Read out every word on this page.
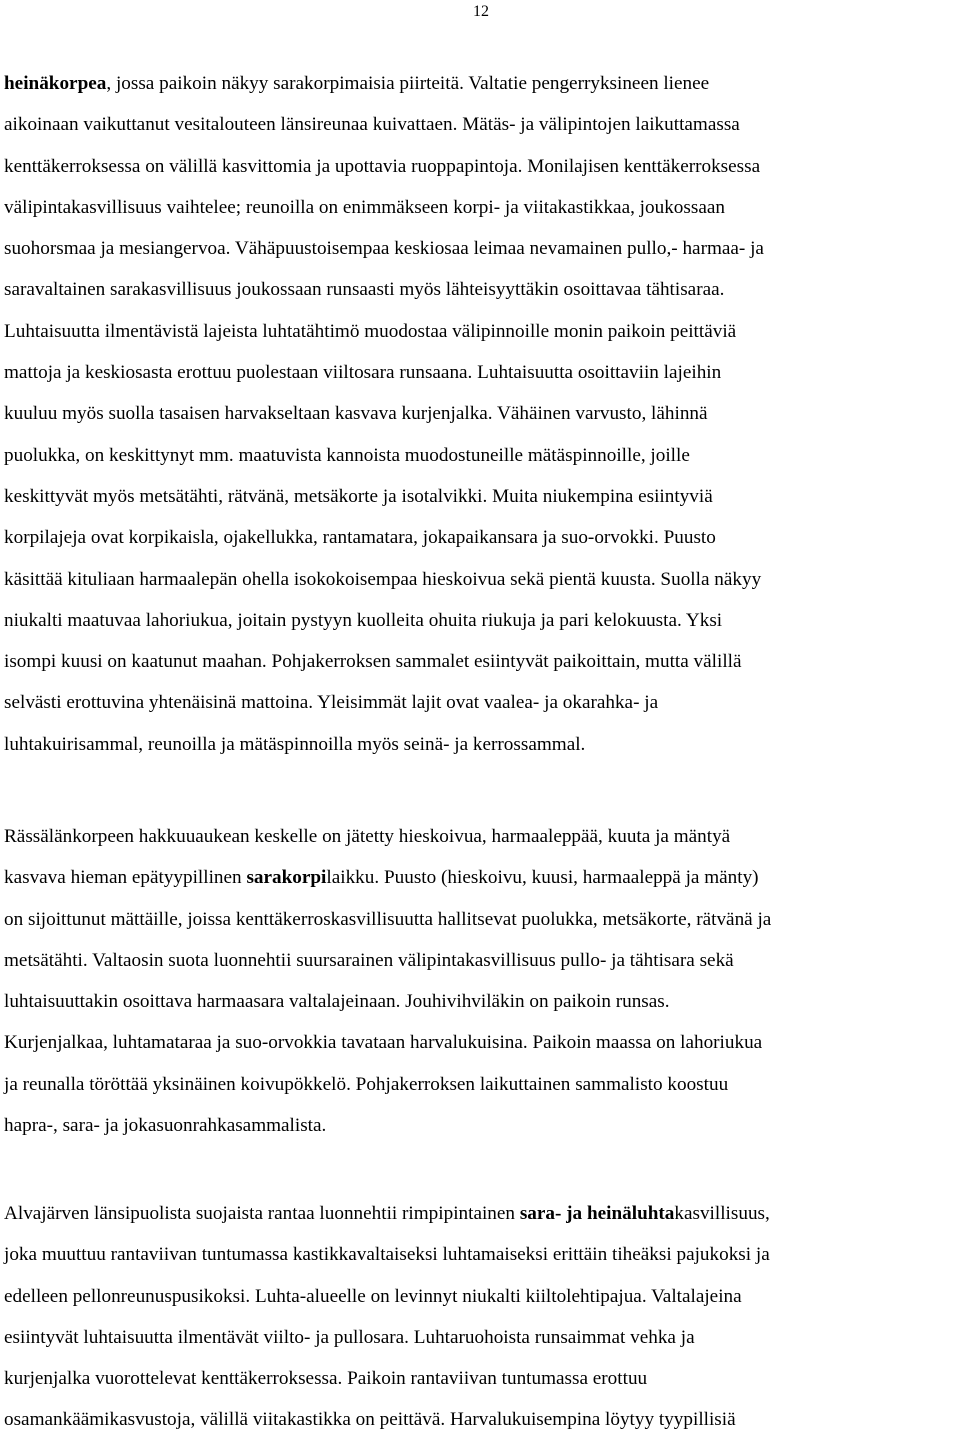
12
heinäkorpea, jossa paikoin näkyy sarakorpimaisia piirteitä. Valtatie pengerryksineen lienee
aikoinaan vaikuttanut vesitalouteen länsireunaa kuivattaen. Mätäs- ja välipintojen laikuttamassa
kenttäkerroksessa on välillä kasvittomia ja upottavia ruoppapintoja. Monilajisen kenttäkerroksessa
välipintakasvillisuus vaihtelee; reunoilla on enimmäkseen korpi- ja viitakastikkaa, joukossaan
suohorsmaa ja mesiangervoa. Vähäpuustoisempaa keskiosaa leimaa nevamainen pullo,- harmaa- ja
saravaltainen sarakasvillisuus joukossaan runsaasti myös lähteisyyttäkin osoittavaa tähtisaraa.
Luhtaisuutta ilmentävistä lajeista luhtatähtimö muodostaa välipinnoille monin paikoin peittäviä
mattoja ja keskiosasta erottuu puolestaan viiltosara runsaana. Luhtaisuutta osoittaviin lajeihin
kuuluu myös suolla tasaisen harvakseltaan kasvava kurjenjalka. Vähäinen varvusto, lähinnä
puolukka, on keskittynyt mm. maatuvista kannoista muodostuneille mätäspinnoille, joille
keskittyvät myös metsätähti, rätvänä, metsäkorte ja isotalvikki. Muita niukempina esiintyviä
korpilajeja ovat korpikaisla, ojakellukka, rantamatara, jokapaikansara ja suo-orvokki. Puusto
käsittää kituliaan harmaalepän ohella isokokoisempaa hieskoivua sekä pientä kuusta. Suolla näkyy
niukalti maatuvaa lahoriukua, joitain pystyyn kuolleita ohuita riukuja ja pari kelokuusta. Yksi
isompi kuusi on kaatunut maahan. Pohjakerroksen sammalet esiintyvät paikoittain, mutta välillä
selvästi erottuvina yhtenäisinä mattoina. Yleisimmät lajit ovat vaalea- ja okarahka- ja
luhtakuirisammal, reunoilla ja mätäspinnoilla myös seinä- ja kerrossammal.
Rässälänkorpeen hakkuuaukean keskelle on jätetty hieskoivua, harmaaleppää, kuuta ja mäntyä
kasvava hieman epätyypillinen sarakorpilaikku. Puusto (hieskoivu, kuusi, harmaaleppä ja mänty)
on sijoittunut mättäille, joissa kenttäkerroskasvillisuutta hallitsevat puolukka, metsäkorte, rätvänä ja
metsätähti. Valtaosin suota luonnehtii suursarainen välipintakasvillisuus pullo- ja tähtisara sekä
luhtaisuuttakin osoittava harmaasara valtalajeinaan. Jouhivihviläkin on paikoin runsas.
Kurjenjalkaa, luhtamataraa ja suo-orvokkia tavataan harvalukuisina. Paikoin maassa on lahoriukua
ja reunalla töröttää yksinäinen koivupökkelö. Pohjakerroksen laikuttainen sammalisto koostuu
hapra-, sara- ja jokasuonrahkasammalista.
Alvajärven länsipuolista suojaista rantaa luonnehtii rimpipintainen sara- ja heinäluhtakasvillisuus,
joka muuttuu rantaviivan tuntumassa kastikkavaltaiseksi luhtamaiseksi erittäin tiheäksi pajukoksi ja
edelleen pellonreunuspusikoksi. Luhta-alueelle on levinnyt niukalti kiiltolehtipajua. Valtalajeina
esiintyvät luhtaisuutta ilmentävät viilto- ja pullosara. Luhtaruohoista runsaimmat vehka ja
kurjenjalka vuorottelevat kenttäkerroksessa. Paikoin rantaviivan tuntumassa erottuu
osamankäämikasvustoja, välillä viitakastikka on peittävä. Harvalukuisempina löytyy tyypillisiä
